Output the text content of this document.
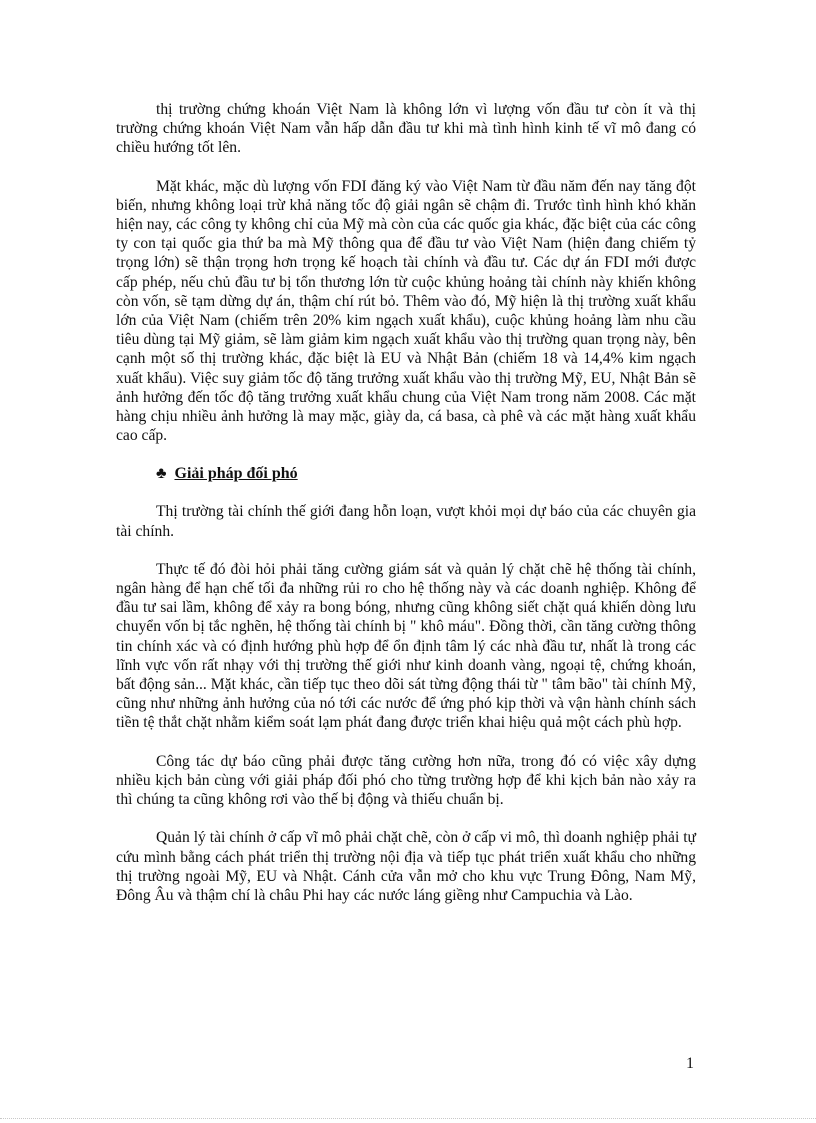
thị trường chứng khoán Việt Nam là không lớn vì lượng vốn đầu tư còn ít và thị trường chứng khoán Việt Nam vẫn hấp dẫn đầu tư khi mà tình hình kinh tế vĩ mô đang có chiều hướng tốt lên.

Mặt khác, mặc dù lượng vốn FDI đăng ký vào Việt Nam từ đầu năm đến nay tăng đột biến, nhưng không loại trừ khả năng tốc độ giải ngân sẽ chậm đi. Trước tình hình khó khăn hiện nay, các công ty không chỉ của Mỹ mà còn của các quốc gia khác, đặc biệt của các công ty con tại quốc gia thứ ba mà Mỹ thông qua để đầu tư vào Việt Nam (hiện đang chiếm tỷ trọng lớn) sẽ thận trọng hơn trọng kế hoạch tài chính và đầu tư. Các dự án FDI mới được cấp phép, nếu chủ đầu tư bị tổn thương lớn từ cuộc khủng hoảng tài chính này khiến không còn vốn, sẽ tạm dừng dự án, thậm chí rút bỏ. Thêm vào đó, Mỹ hiện là thị trường xuất khẩu lớn của Việt Nam (chiếm trên 20% kim ngạch xuất khẩu), cuộc khủng hoảng làm nhu cầu tiêu dùng tại Mỹ giảm, sẽ làm giảm kim ngạch xuất khẩu vào thị trường quan trọng này, bên cạnh một số thị trường khác, đặc biệt là EU và Nhật Bản (chiếm 18 và 14,4% kim ngạch xuất khẩu). Việc suy giảm tốc độ tăng trưởng xuất khẩu vào thị trường Mỹ, EU, Nhật Bản sẽ ảnh hưởng đến tốc độ tăng trưởng xuất khẩu chung của Việt Nam trong năm 2008. Các mặt hàng chịu nhiều ảnh hưởng là may mặc, giày da, cá basa, cà phê và các mặt hàng xuất khẩu cao cấp.

♣ Giải pháp đối phó

Thị trường tài chính thế giới đang hỗn loạn, vượt khỏi mọi dự báo của các chuyên gia tài chính.

Thực tế đó đòi hỏi phải tăng cường giám sát và quản lý chặt chẽ hệ thống tài chính, ngân hàng để hạn chế tối đa những rủi ro cho hệ thống này và các doanh nghiệp. Không để đầu tư sai lầm, không để xảy ra bong bóng, nhưng cũng không siết chặt quá khiến dòng lưu chuyển vốn bị tắc nghẽn, hệ thống tài chính bị " khô máu". Đồng thời, cần tăng cường thông tin chính xác và có định hướng phù hợp để ổn định tâm lý các nhà đầu tư, nhất là trong các lĩnh vực vốn rất nhạy với thị trường thế giới như kinh doanh vàng, ngoại tệ, chứng khoán, bất động sản... Mặt khác, cần tiếp tục theo dõi sát từng động thái từ " tâm bão" tài chính Mỹ, cũng như những ảnh hưởng của nó tới các nước để ứng phó kịp thời và vận hành chính sách tiền tệ thắt chặt nhằm kiểm soát lạm phát đang được triển khai hiệu quả một cách phù hợp.

Công tác dự báo cũng phải được tăng cường hơn nữa, trong đó có việc xây dựng nhiều kịch bản cùng với giải pháp đối phó cho từng trường hợp để khi kịch bản nào xảy ra thì chúng ta cũng không rơi vào thế bị động và thiếu chuẩn bị.

Quản lý tài chính ở cấp vĩ mô phải chặt chẽ, còn ở cấp vi mô, thì doanh nghiệp phải tự cứu mình bằng cách phát triển thị trường nội địa và tiếp tục phát triển xuất khẩu cho những thị trường ngoài Mỹ, EU và Nhật. Cánh cửa vẫn mở cho khu vực Trung Đông, Nam Mỹ, Đông Âu và thậm chí là châu Phi hay các nước láng giềng như Campuchia và Lào.

1
